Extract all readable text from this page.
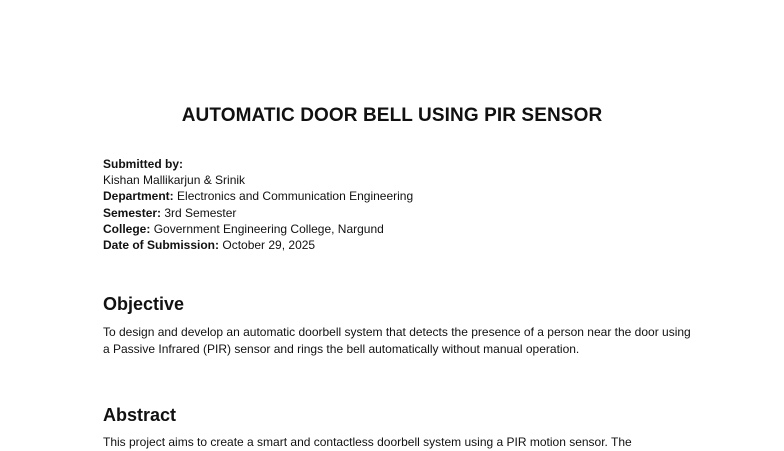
AUTOMATIC DOOR BELL USING PIR SENSOR
Submitted by:
Kishan Mallikarjun & Srinik
Department: Electronics and Communication Engineering
Semester: 3rd Semester
College: Government Engineering College, Nargund
Date of Submission: October 29, 2025
Objective

To design and develop an automatic doorbell system that detects the presence of a person near the door using a Passive Infrared (PIR) sensor and rings the bell automatically without manual operation.

Abstract

This project aims to create a smart and contactless doorbell system using a PIR motion sensor. The
